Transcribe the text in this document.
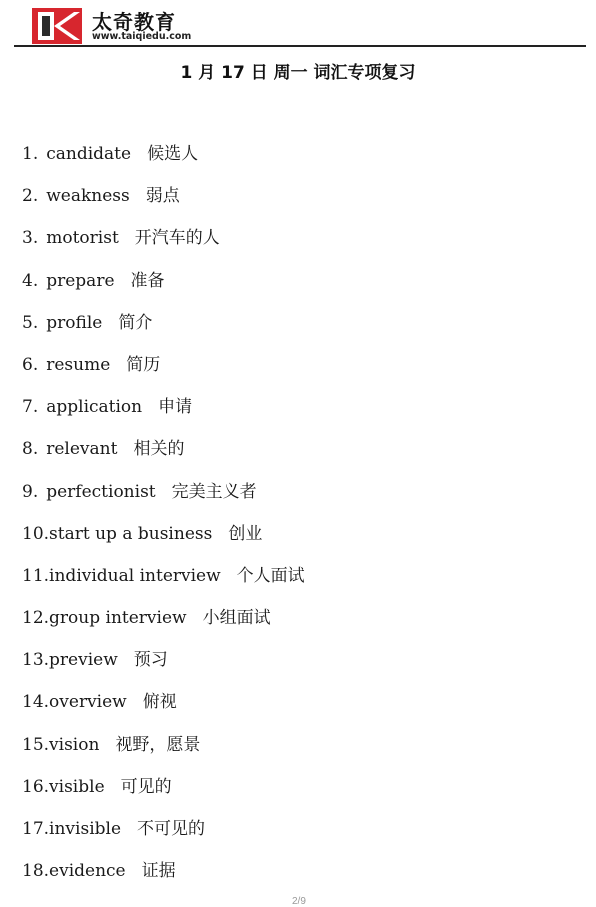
太奇教育
www.taiqiedu.com
1 月 17 日 周一 词汇专项复习
1. candidate 候选人
2. weakness 弱点
3. motorist 开汽车的人
4. prepare 准备
5. profile 简介
6. resume 简历
7. application 申请
8. relevant 相关的
9. perfectionist 完美主义者
10.start up a business 创业
11.individual interview 个人面试
12.group interview 小组面试
13.preview 预习
14.overview 俯视
15.vision 视野，愿景
16.visible 可见的
17.invisible 不可见的
18.evidence 证据
2/9
